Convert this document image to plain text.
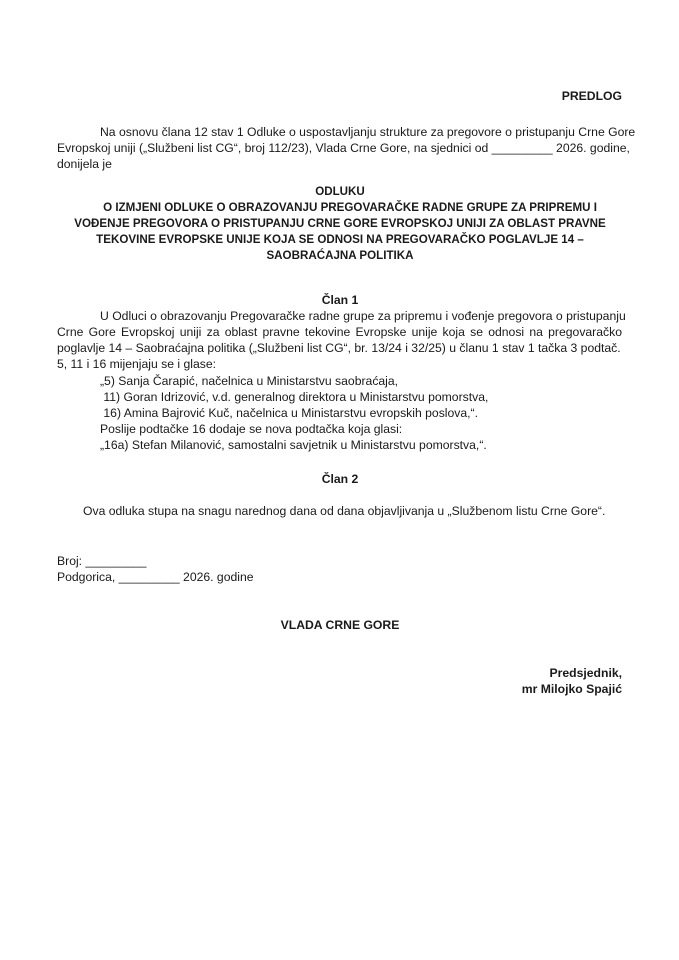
PREDLOG
Na osnovu člana 12 stav 1 Odluke o uspostavljanju strukture za pregovore o pristupanju Crne Gore
Evropskoj uniji („Službeni list CG“, broj 112/23), Vlada Crne Gore, na sjednici od _________ 2026. godine,
donijela je
ODLUKU
O IZMJENI ODLUKE O OBRAZOVANJU PREGOVARAČKE RADNE GRUPE ZA PRIPREMU I
VOĐENJE PREGOVORA O PRISTUPANJU CRNE GORE EVROPSKOJ UNIJI ZA OBLAST PRAVNE
TEKOVINE EVROPSKE UNIJE KOJA SE ODNOSI NA PREGOVARAČKO POGLAVLJE 14 –
SAOBRAĆAJNA POLITIKA
Član 1
U Odluci o obrazovanju Pregovaračke radne grupe za pripremu i vođenje pregovora o pristupanju
Crne Gore Evropskoj uniji za oblast pravne tekovine Evropske unije koja se odnosi na pregovaračko
poglavlje 14 – Saobraćajna politika („Službeni list CG“, br. 13/24 i 32/25) u članu 1 stav 1 tačka 3 podtač.
5, 11 i 16 mijenjaju se i glase:
„5) Sanja Čarapić, načelnica u Ministarstvu saobraćaja,
11) Goran Idrizović, v.d. generalnog direktora u Ministarstvu pomorstva,
16) Amina Bajrović Kuč, načelnica u Ministarstvu evropskih poslova,“.
Poslije podtačke 16 dodaje se nova podtačka koja glasi:
„16a) Stefan Milanović, samostalni savjetnik u Ministarstvu pomorstva,“.
Član 2
Ova odluka stupa na snagu narednog dana od dana objavljivanja u „Službenom listu Crne Gore“.
Broj: _________
Podgorica, _________ 2026. godine
VLADA CRNE GORE
Predsjednik,
mr Milojko Spajić
